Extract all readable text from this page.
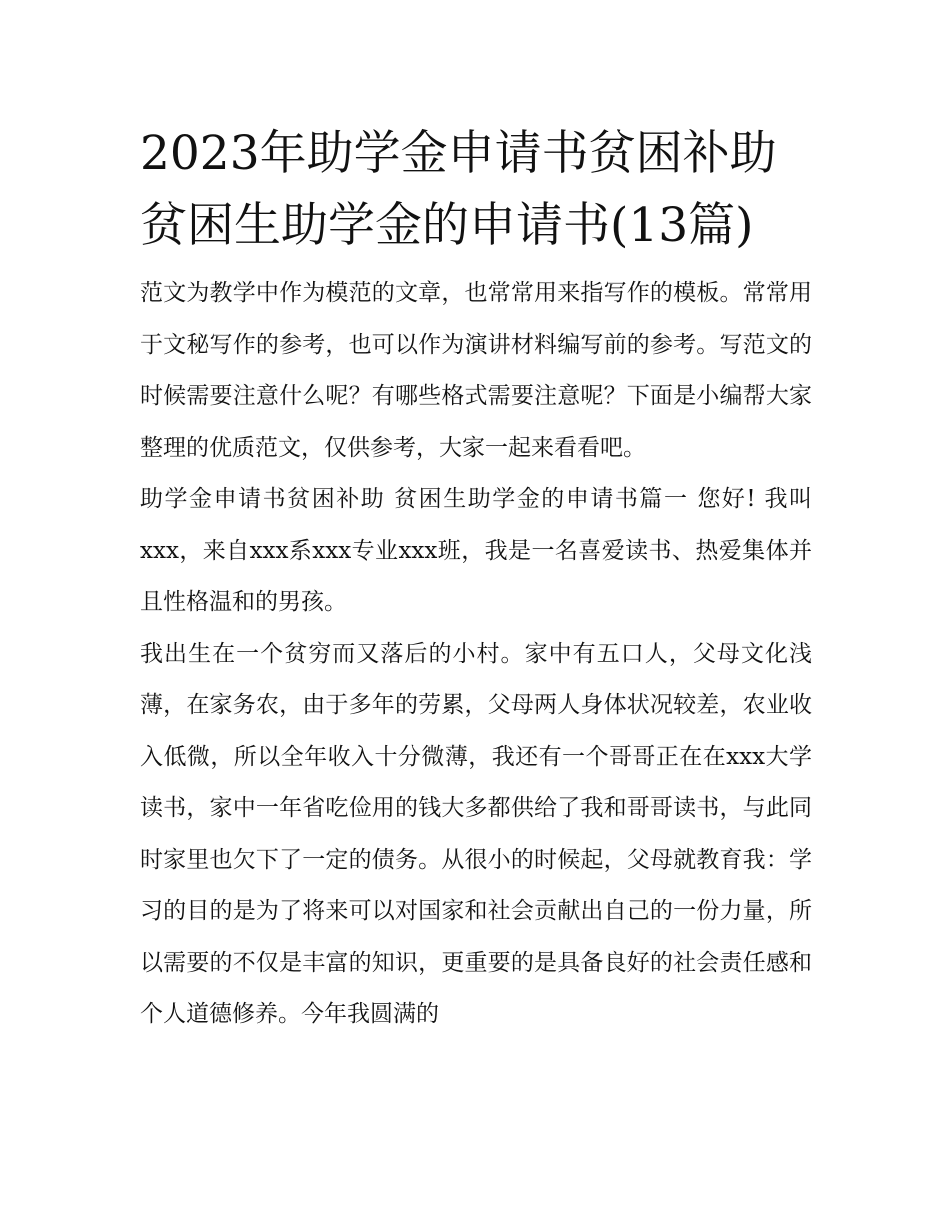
2023年助学金申请书贫困补助
贫困生助学金的申请书(13篇)

范文为教学中作为模范的文章，也常常用来指写作的模板。常常用于文秘写作的参考，也可以作为演讲材料编写前的参考。写范文的时候需要注意什么呢？有哪些格式需要注意呢？下面是小编帮大家整理的优质范文，仅供参考，大家一起来看看吧。

助学金申请书贫困补助 贫困生助学金的申请书篇一 您好! 我叫xxx，来自xxx系xxx专业xxx班，我是一名喜爱读书、热爱集体并且性格温和的男孩。

我出生在一个贫穷而又落后的小村。家中有五口人，父母文化浅薄，在家务农，由于多年的劳累，父母两人身体状况较差，农业收入低微，所以全年收入十分微薄，我还有一个哥哥正在在xxx大学读书，家中一年省吃俭用的钱大多都供给了我和哥哥读书，与此同时家里也欠下了一定的债务。从很小的时候起，父母就教育我：学习的目的是为了将来可以对国家和社会贡献出自己的一份力量，所以需要的不仅是丰富的知识，更重要的是具备良好的社会责任感和个人道德修养。今年我圆满的
